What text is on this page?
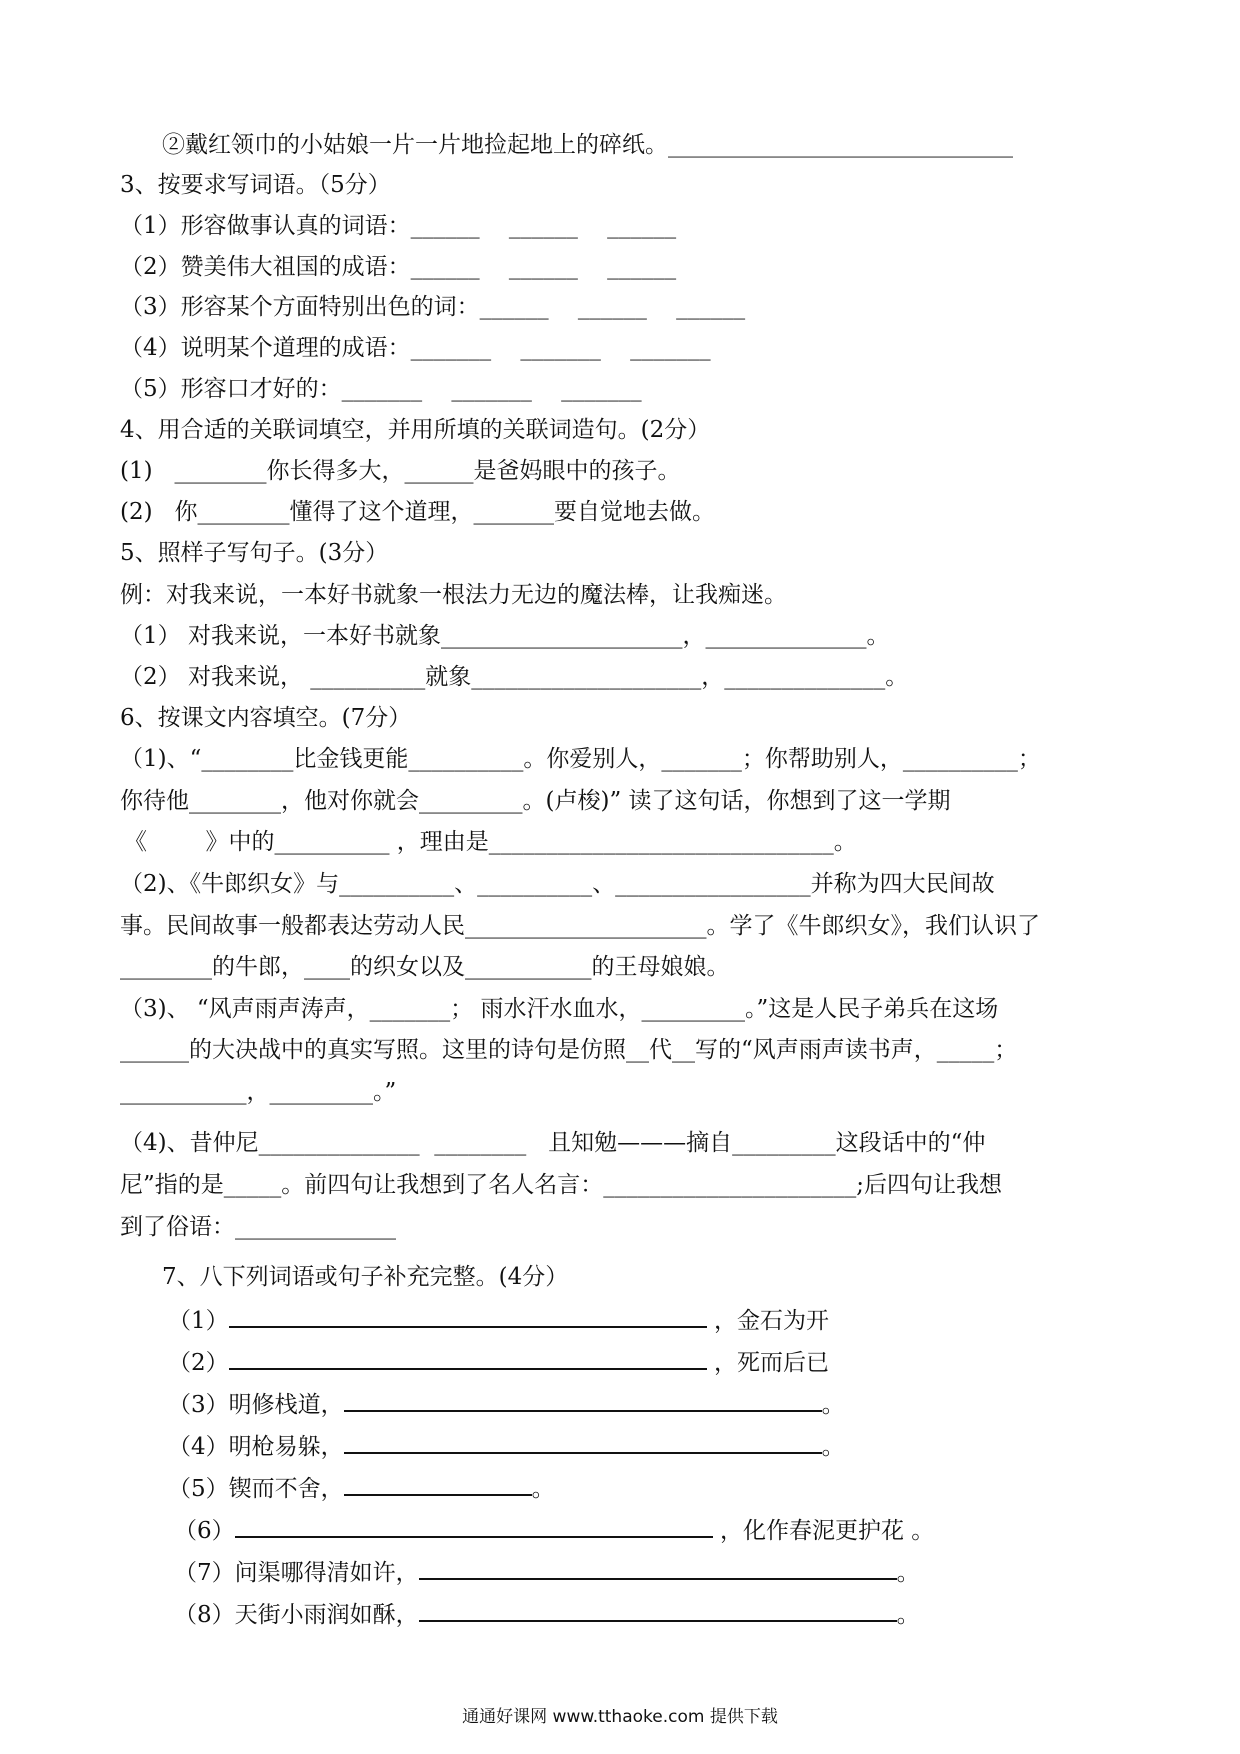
②戴红领巾的小姑娘一片一片地捡起地上的碎纸。______________________________
3、按要求写词语。（5分）
（1）形容做事认真的词语：______    ______    ______
（2）赞美伟大祖国的成语：______    ______    ______
（3）形容某个方面特别出色的词：______    ______    ______
（4）说明某个道理的成语：_______    _______    _______
（5）形容口才好的：_______    _______    _______
4、用合适的关联词填空，并用所填的关联词造句。(2分）
(1)   ________你长得多大，______是爸妈眼中的孩子。
(2)   你________懂得了这个道理，_______要自觉地去做。
5、照样子写句子。(3分）
例：对我来说，一本好书就象一根法力无边的魔法棒，让我痴迷。
（1） 对我来说，一本好书就象_____________________，______________。
（2） 对我来说， __________就象____________________，______________。
6、按课文内容填空。(7分）
（1)、“________比金钱更能__________。你爱别人，_______；你帮助别人，__________；
你待他________，他对你就会_________。(卢梭)” 读了这句话，你想到了这一学期
《        》中的__________ ，理由是______________________________。
（2)、《牛郎织女》与__________、__________、_________________并称为四大民间故
事。民间故事一般都表达劳动人民_____________________。学了《牛郎织女》，我们认识了
________的牛郎，____的织女以及___________的王母娘娘。
（3)、 “风声雨声涛声，_______； 雨水汗水血水，_________。”这是人民子弟兵在这场
______的大决战中的真实写照。这里的诗句是仿照__代__写的“风声雨声读书声，_____；
___________，_________。”
（4)、昔仲尼______________  ________   且知勉———摘自_________这段话中的“仲
尼”指的是_____。前四句让我想到了名人名言：______________________;后四句让我想
到了俗语：______________
7、八下列词语或句子补充完整。(4分）
（1）	，金石为开
（2）	，死而后已
（3）明修栈道，	。
（4）明枪易躲，	。
（5）锲而不舍，	。
（6）	，化作春泥更护花 。
（7）问渠哪得清如许，	。
（8）天街小雨润如酥，	。
通通好课网 www.tthaoke.com 提供下载
